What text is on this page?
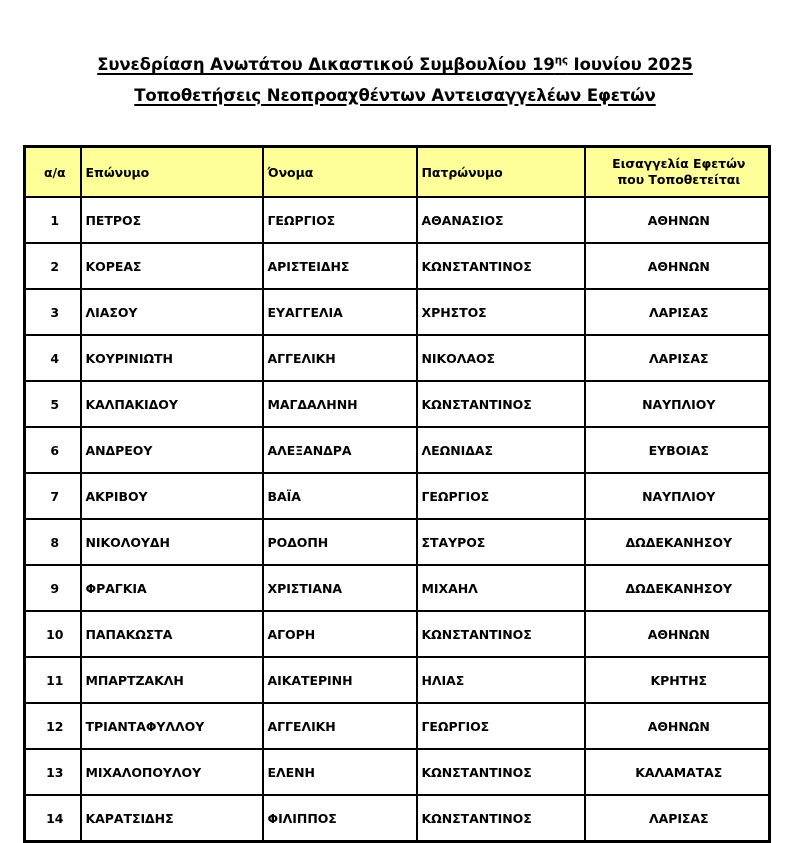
Συνεδρίαση Ανωτάτου Δικαστικού Συμβουλίου $19^{\eta\varsigma}$ Ιουνίου 2025
Τοποθετήσεις Νεοπροαχθέντων Αντεισαγγελέων Εφετών
α/α	Επώνυμο	Όνομα	Πατρώνυμο	Εισαγγελία Εφετών
που Τοποθετείται
1	ΠΕΤΡΟΣ	ΓΕΩΡΓΙΟΣ	ΑΘΑΝΑΣΙΟΣ	ΑΘΗΝΩΝ
2	ΚΟΡΕΑΣ	ΑΡΙΣΤΕΙΔΗΣ	ΚΩΝΣΤΑΝΤΙΝΟΣ	ΑΘΗΝΩΝ
3	ΛΙΑΣΟΥ	ΕΥΑΓΓΕΛΙΑ	ΧΡΗΣΤΟΣ	ΛΑΡΙΣΑΣ
4	ΚΟΥΡΙΝΙΩΤΗ	ΑΓΓΕΛΙΚΗ	ΝΙΚΟΛΑΟΣ	ΛΑΡΙΣΑΣ
5	ΚΑΛΠΑΚΙΔΟΥ	ΜΑΓΔΑΛΗΝΗ	ΚΩΝΣΤΑΝΤΙΝΟΣ	ΝΑΥΠΛΙΟΥ
6	ΑΝΔΡΕΟΥ	ΑΛΕΞΑΝΔΡΑ	ΛΕΩΝΙΔΑΣ	ΕΥΒΟΙΑΣ
7	ΑΚΡΙΒΟΥ	ΒΑΪΑ	ΓΕΩΡΓΙΟΣ	ΝΑΥΠΛΙΟΥ
8	ΝΙΚΟΛΟΥΔΗ	ΡΟΔΟΠΗ	ΣΤΑΥΡΟΣ	ΔΩΔΕΚΑΝΗΣΟΥ
9	ΦΡΑΓΚΙΑ	ΧΡΙΣΤΙΑΝΑ	ΜΙΧΑΗΛ	ΔΩΔΕΚΑΝΗΣΟΥ
10	ΠΑΠΑΚΩΣΤΑ	ΑΓΟΡΗ	ΚΩΝΣΤΑΝΤΙΝΟΣ	ΑΘΗΝΩΝ
11	ΜΠΑΡΤΖΑΚΛΗ	ΑΙΚΑΤΕΡΙΝΗ	ΗΛΙΑΣ	ΚΡΗΤΗΣ
12	ΤΡΙΑΝΤΑΦΥΛΛΟΥ	ΑΓΓΕΛΙΚΗ	ΓΕΩΡΓΙΟΣ	ΑΘΗΝΩΝ
13	ΜΙΧΑΛΟΠΟΥΛΟΥ	ΕΛΕΝΗ	ΚΩΝΣΤΑΝΤΙΝΟΣ	ΚΑΛΑΜΑΤΑΣ
14	ΚΑΡΑΤΣΙΔΗΣ	ΦΙΛΙΠΠΟΣ	ΚΩΝΣΤΑΝΤΙΝΟΣ	ΛΑΡΙΣΑΣ
